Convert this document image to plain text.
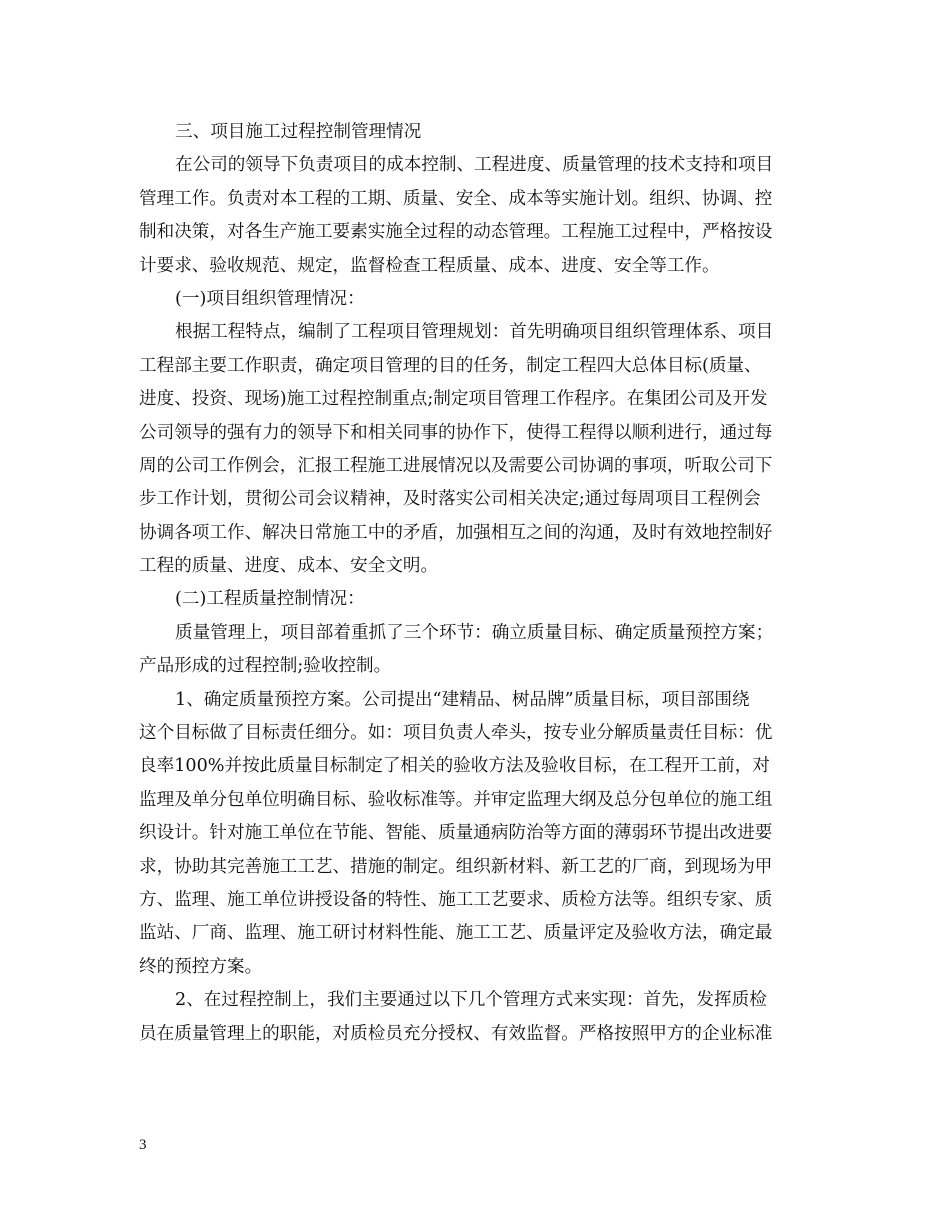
三、项目施工过程控制管理情况
在公司的领导下负责项目的成本控制、工程进度、质量管理的技术支持和项目
管理工作。负责对本工程的工期、质量、安全、成本等实施计划。组织、协调、控
制和决策，对各生产施工要素实施全过程的动态管理。工程施工过程中，严格按设
计要求、验收规范、规定，监督检查工程质量、成本、进度、安全等工作。
(一)项目组织管理情况：
根据工程特点，编制了工程项目管理规划：首先明确项目组织管理体系、项目
工程部主要工作职责，确定项目管理的目的任务，制定工程四大总体目标(质量、
进度、投资、现场)施工过程控制重点;制定项目管理工作程序。在集团公司及开发
公司领导的强有力的领导下和相关同事的协作下，使得工程得以顺利进行，通过每
周的公司工作例会，汇报工程施工进展情况以及需要公司协调的事项，听取公司下
步工作计划，贯彻公司会议精神，及时落实公司相关决定;通过每周项目工程例会
协调各项工作、解决日常施工中的矛盾，加强相互之间的沟通，及时有效地控制好
工程的质量、进度、成本、安全文明。
(二)工程质量控制情况：
质量管理上，项目部着重抓了三个环节：确立质量目标、确定质量预控方案；
产品形成的过程控制;验收控制。
1、确定质量预控方案。公司提出“建精品、树品牌”质量目标，项目部围绕
这个目标做了目标责任细分。如：项目负责人牵头，按专业分解质量责任目标：优
良率100%并按此质量目标制定了相关的验收方法及验收目标，在工程开工前，对
监理及单分包单位明确目标、验收标准等。并审定监理大纲及总分包单位的施工组
织设计。针对施工单位在节能、智能、质量通病防治等方面的薄弱环节提出改进要
求，协助其完善施工工艺、措施的制定。组织新材料、新工艺的厂商，到现场为甲
方、监理、施工单位讲授设备的特性、施工工艺要求、质检方法等。组织专家、质
监站、厂商、监理、施工研讨材料性能、施工工艺、质量评定及验收方法，确定最
终的预控方案。
2、在过程控制上，我们主要通过以下几个管理方式来实现：首先，发挥质检
员在质量管理上的职能，对质检员充分授权、有效监督。严格按照甲方的企业标准
3
